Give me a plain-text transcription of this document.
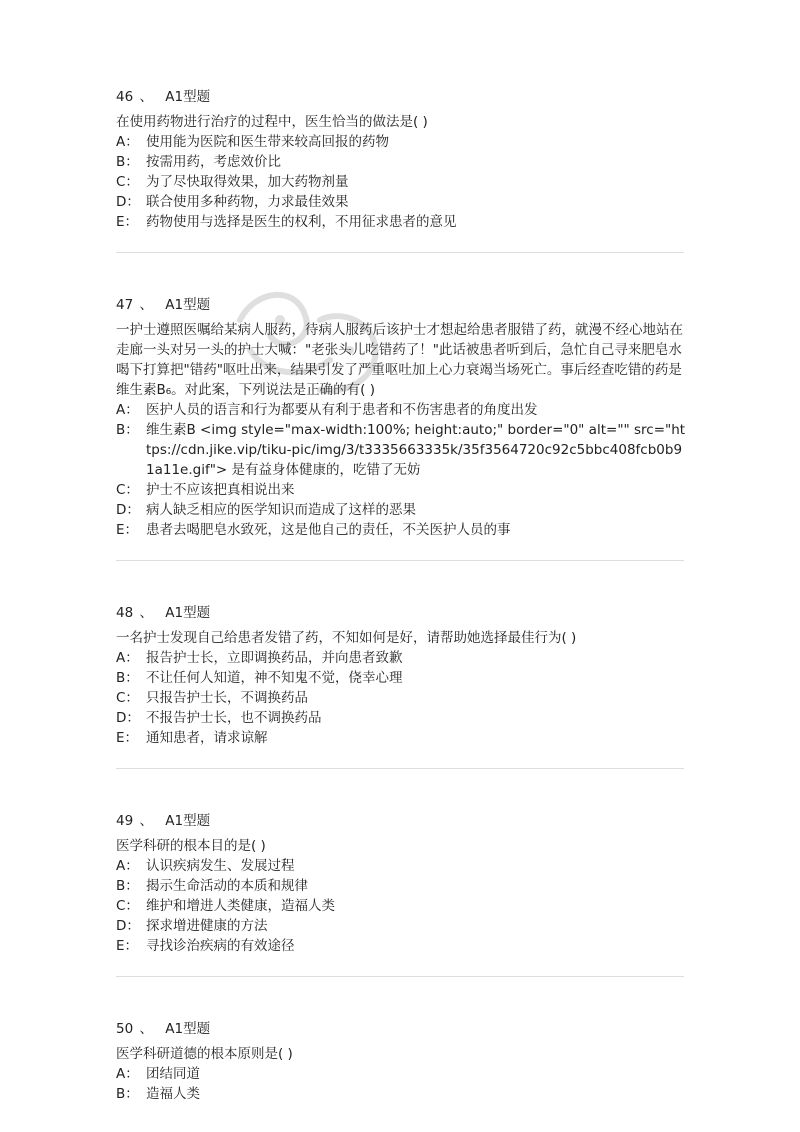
46 、 A1型题
在使用药物进行治疗的过程中，医生恰当的做法是( )
A： 使用能为医院和医生带来较高回报的药物
B： 按需用药，考虑效价比
C： 为了尽快取得效果，加大药物剂量
D： 联合使用多种药物，力求最佳效果
E： 药物使用与选择是医生的权利，不用征求患者的意见
47 、 A1型题
一护士遵照医嘱给某病人服药，待病人服药后该护士才想起给患者服错了药，就漫不经心地站在走廊一头对另一头的护士大喊："老张头儿吃错药了！"此话被患者听到后，急忙自己寻来肥皂水喝下打算把"错药"呕吐出来，结果引发了严重呕吐加上心力衰竭当场死亡。事后经查吃错的药是维生素B₆。对此案，下列说法是正确的有( )
A： 医护人员的语言和行为都要从有利于患者和不伤害患者的角度出发
B： 维生素B <img style="max-width:100%; height:auto;" border="0" alt="" src="https://cdn.jike.vip/tiku-pic/img/3/t3335663335k/35f3564720c92c5bbc408fcb0b91a11e.gif"> 是有益身体健康的，吃错了无妨
C： 护士不应该把真相说出来
D： 病人缺乏相应的医学知识而造成了这样的恶果
E： 患者去喝肥皂水致死，这是他自己的责任，不关医护人员的事
48 、 A1型题
一名护士发现自己给患者发错了药，不知如何是好，请帮助她选择最佳行为( )
A： 报告护士长，立即调换药品，并向患者致歉
B： 不让任何人知道，神不知鬼不觉，侥幸心理
C： 只报告护士长，不调换药品
D： 不报告护士长，也不调换药品
E： 通知患者，请求谅解
49 、 A1型题
医学科研的根本目的是( )
A： 认识疾病发生、发展过程
B： 揭示生命活动的本质和规律
C： 维护和增进人类健康，造福人类
D： 探求增进健康的方法
E： 寻找诊治疾病的有效途径
50 、 A1型题
医学科研道德的根本原则是( )
A： 团结同道
B： 造福人类
